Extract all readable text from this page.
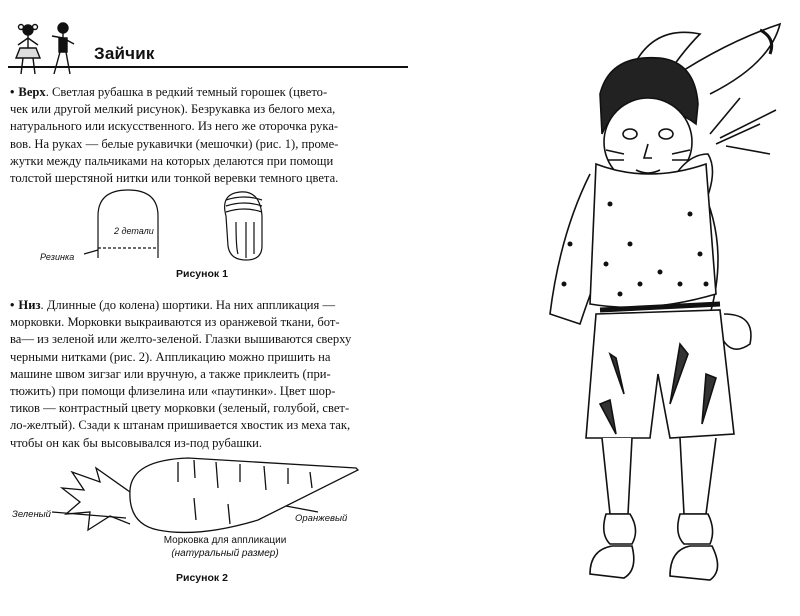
Зайчик
• Верх. Светлая рубашка в редкий темный горошек (цвето-
чек или другой мелкий рисунок). Безрукавка из белого меха,
натурального или искусственного. Из него же оторочка рука-
вов. На руках — белые рукавички (мешочки) (рис. 1), проме-
жутки между пальчиками на которых делаются при помощи
толстой шерстяной нитки или тонкой веревки темного цвета.
2 детали
Резинка
Рисунок 1
• Низ. Длинные (до колена) шортики. На них аппликация —
морковки. Морковки выкраиваются из оранжевой ткани, бот-
ва— из зеленой или желто-зеленой. Глазки вышиваются сверху
черными нитками (рис. 2). Аппликацию можно пришить на
машине швом зигзаг или вручную, а также приклеить (при-
тюжить) при помощи флизелина или «паутинки». Цвет шор-
тиков — контрастный цвету морковки (зеленый, голубой, свет-
ло-желтый). Сзади к штанам пришивается хвостик из меха так,
чтобы он как бы высовывался из-под рубашки.
Зеленый	Оранжевый
Морковка для аппликации
(натуральный размер)
Рисунок 2
